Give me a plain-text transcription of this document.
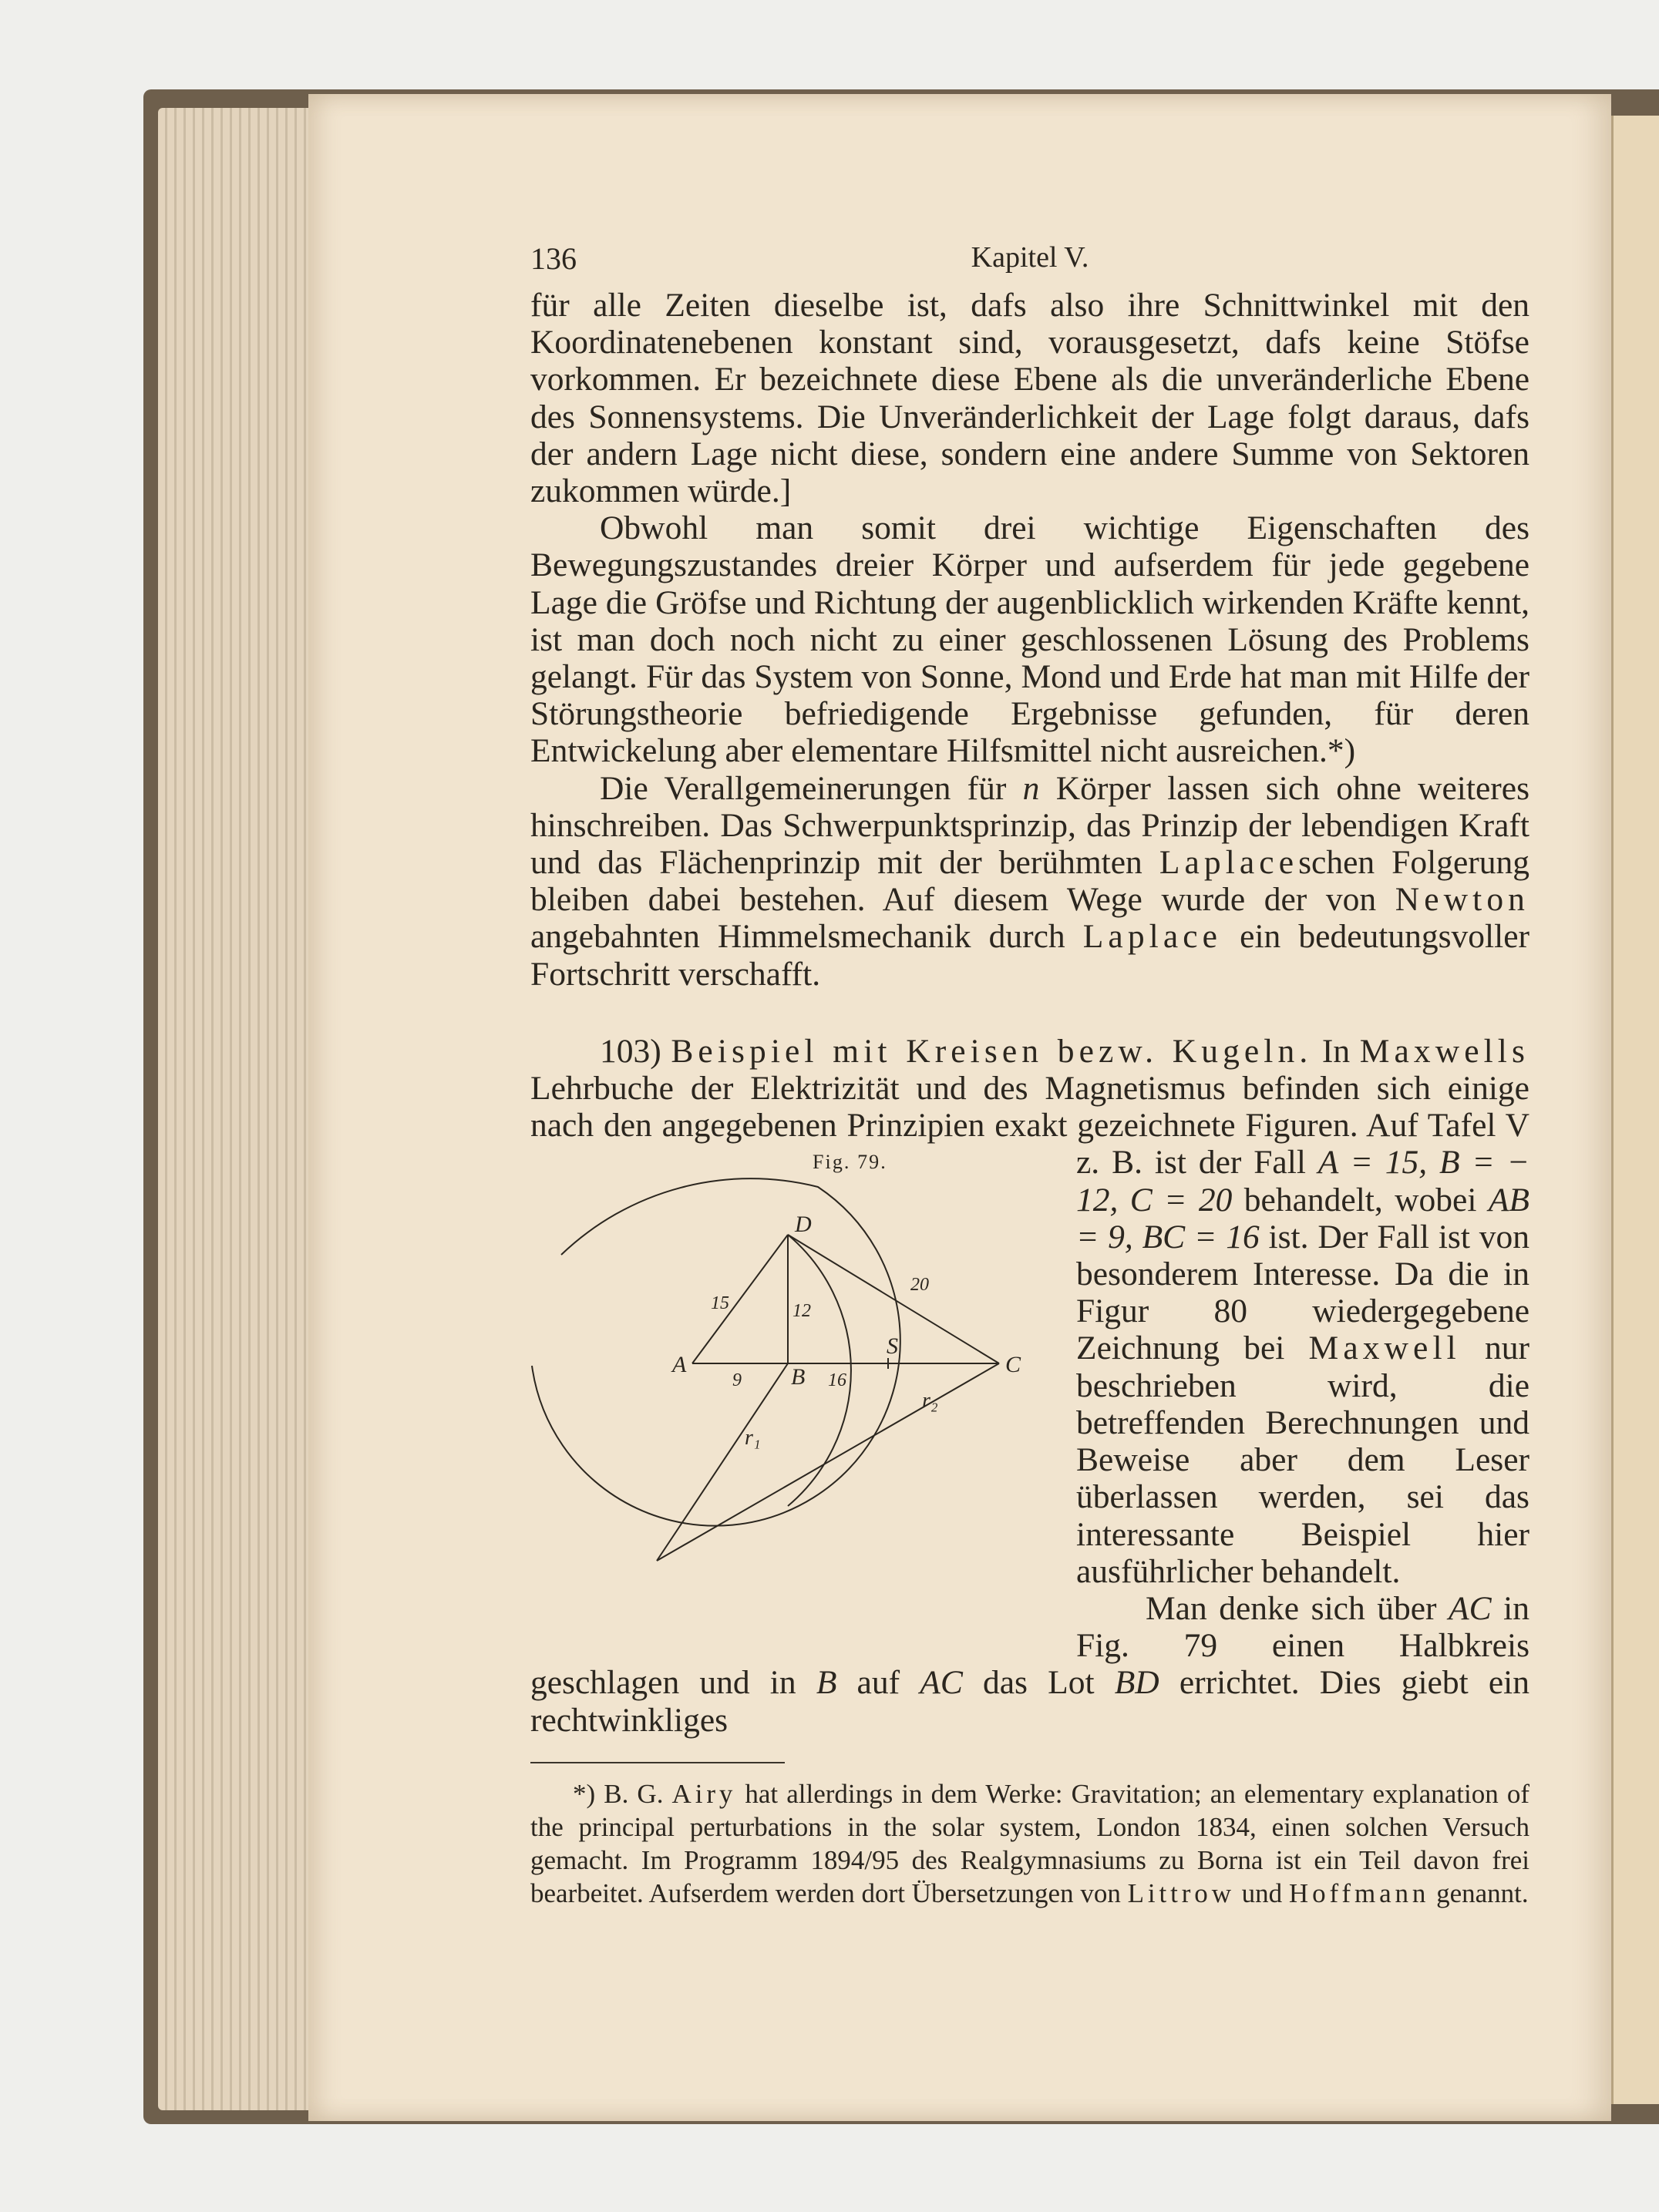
136	Kapitel V.

für alle Zeiten dieselbe ist, dafs also ihre Schnittwinkel mit den Koordinatenebenen konstant sind, vorausgesetzt, dafs keine Stöfse vorkommen. Er bezeichnete diese Ebene als die unveränderliche Ebene des Sonnensystems. Die Unveränderlichkeit der Lage folgt daraus, dafs der andern Lage nicht diese, sondern eine andere Summe von Sektoren zukommen würde.]

Obwohl man somit drei wichtige Eigenschaften des Bewegungszustandes dreier Körper und aufserdem für jede gegebene Lage die Gröfse und Richtung der augenblicklich wirkenden Kräfte kennt, ist man doch noch nicht zu einer geschlossenen Lösung des Problems gelangt. Für das System von Sonne, Mond und Erde hat man mit Hilfe der Störungstheorie befriedigende Ergebnisse gefunden, für deren Entwickelung aber elementare Hilfsmittel nicht ausreichen.*)

Die Verallgemeinerungen für n Körper lassen sich ohne weiteres hinschreiben. Das Schwerpunktsprinzip, das Prinzip der lebendigen Kraft und das Flächenprinzip mit der berühmten Laplaceschen Folgerung bleiben dabei bestehen. Auf diesem Wege wurde der von Newton angebahnten Himmelsmechanik durch Laplace ein bedeutungsvoller Fortschritt verschafft.

103) Beispiel mit Kreisen bezw. Kugeln. In Maxwells Lehrbuche der Elektrizität und des Magnetismus befinden sich einige nach den angegebenen Prinzipien exakt gezeichnete Figuren. Auf Tafel V z. B. ist der Fall
Fig. 79.
D
A	B	C
S
9	16
15	12
20
r₁
r₂
A = 15, B = − 12, C = 20 behandelt, wobei AB = 9, BC = 16 ist. Der Fall ist von besonderem Interesse. Da die in Figur 80 wiedergegebene Zeichnung bei Maxwell nur beschrieben wird, die betreffenden Berechnungen und Beweise aber dem Leser überlassen werden, sei das interessante Beispiel hier ausführlicher behandelt.

Man denke sich über AC in Fig. 79 einen Halbkreis geschlagen und in B auf AC das Lot BD errichtet. Dies giebt ein rechtwinkliges

*) B. G. Airy hat allerdings in dem Werke: Gravitation; an elementary explanation of the principal perturbations in the solar system, London 1834, einen solchen Versuch gemacht. Im Programm 1894/95 des Realgymnasiums zu Borna ist ein Teil davon frei bearbeitet. Aufserdem werden dort Übersetzungen von Littrow und Hoffmann genannt.
